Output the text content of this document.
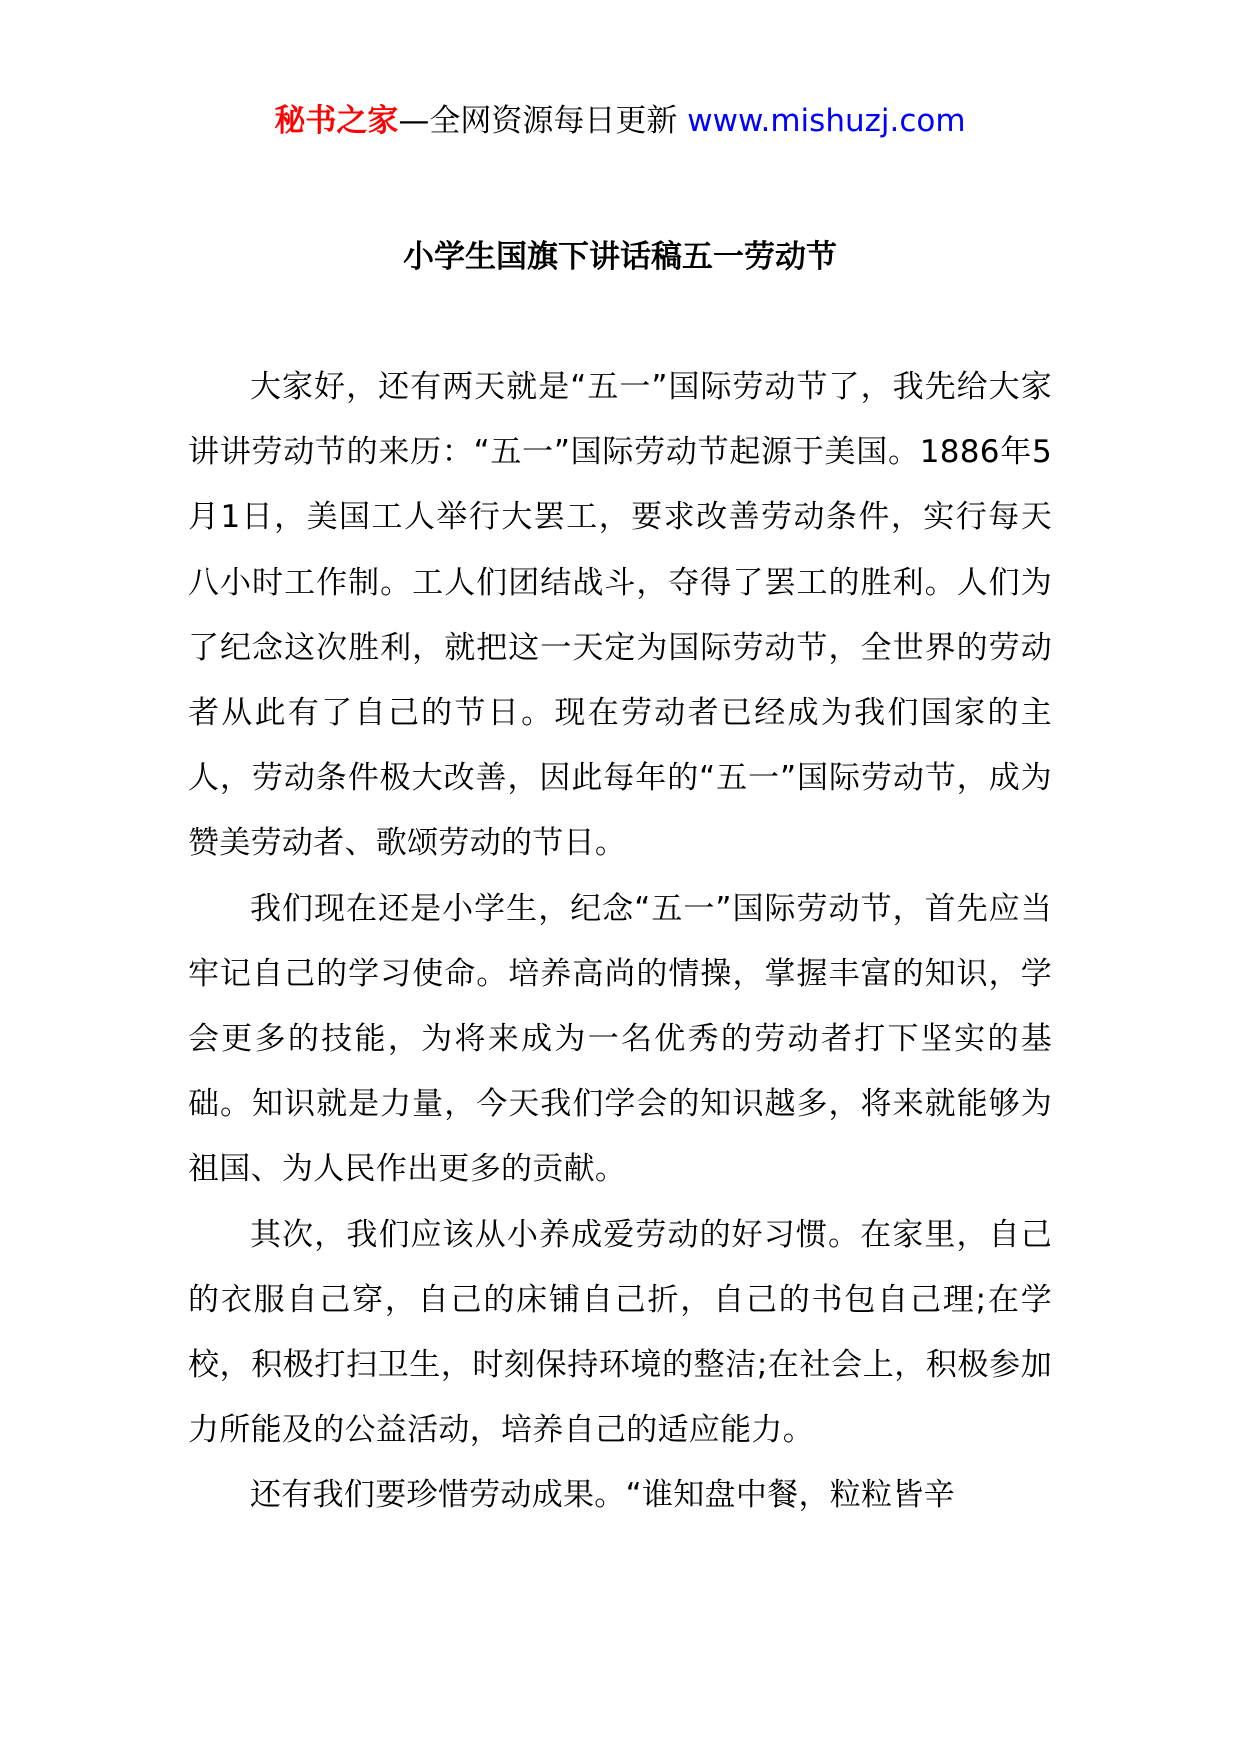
秘书之家—全网资源每日更新 www.mishuzj.com
小学生国旗下讲话稿五一劳动节

大家好，还有两天就是“五一”国际劳动节了，我先给大家讲讲劳动节的来历：“五一”国际劳动节起源于美国。1886年5月1日，美国工人举行大罢工，要求改善劳动条件，实行每天八小时工作制。工人们团结战斗，夺得了罢工的胜利。人们为了纪念这次胜利，就把这一天定为国际劳动节，全世界的劳动者从此有了自己的节日。现在劳动者已经成为我们国家的主人，劳动条件极大改善，因此每年的“五一”国际劳动节，成为赞美劳动者、歌颂劳动的节日。

我们现在还是小学生，纪念“五一”国际劳动节，首先应当牢记自己的学习使命。培养高尚的情操，掌握丰富的知识，学会更多的技能，为将来成为一名优秀的劳动者打下坚实的基础。知识就是力量，今天我们学会的知识越多，将来就能够为祖国、为人民作出更多的贡献。

其次，我们应该从小养成爱劳动的好习惯。在家里，自己的衣服自己穿，自己的床铺自己折，自己的书包自己理;在学校，积极打扫卫生，时刻保持环境的整洁;在社会上，积极参加力所能及的公益活动，培养自己的适应能力。

还有我们要珍惜劳动成果。“谁知盘中餐，粒粒皆辛
